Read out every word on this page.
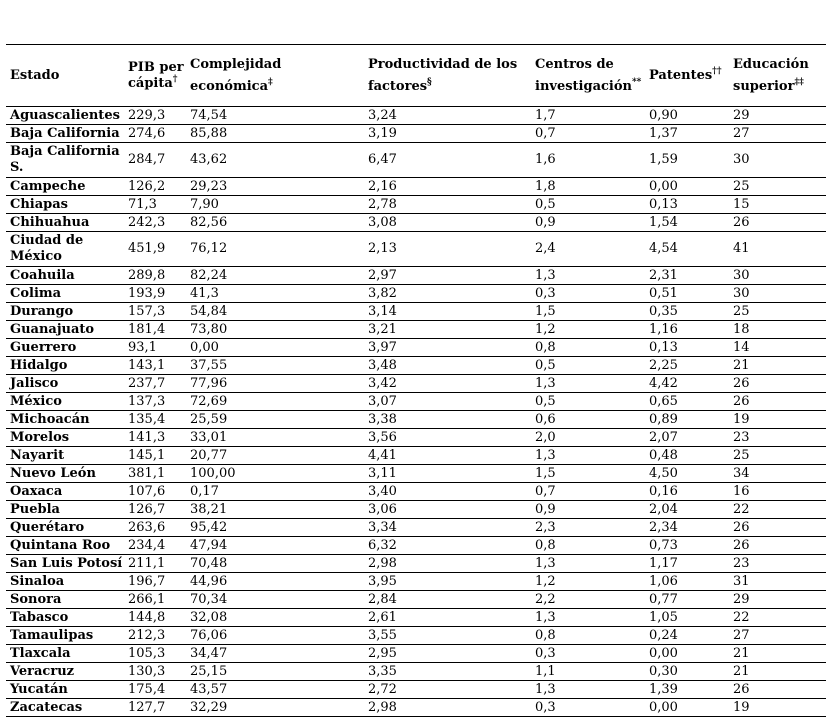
Estado	PIB per cápita†	Complejidad económica‡	Productividad de los factores§	Centros de investigación**	Patentes††	Educación superior‡‡
Aguascalientes	229,3	74,54	3,24	1,7	0,90	29
Baja California	274,6	85,88	3,19	0,7	1,37	27
Baja California S.	284,7	43,62	6,47	1,6	1,59	30
Campeche	126,2	29,23	2,16	1,8	0,00	25
Chiapas	71,3	7,90	2,78	0,5	0,13	15
Chihuahua	242,3	82,56	3,08	0,9	1,54	26
Ciudad de México	451,9	76,12	2,13	2,4	4,54	41
Coahuila	289,8	82,24	2,97	1,3	2,31	30
Colima	193,9	41,3	3,82	0,3	0,51	30
Durango	157,3	54,84	3,14	1,5	0,35	25
Guanajuato	181,4	73,80	3,21	1,2	1,16	18
Guerrero	93,1	0,00	3,97	0,8	0,13	14
Hidalgo	143,1	37,55	3,48	0,5	2,25	21
Jalisco	237,7	77,96	3,42	1,3	4,42	26
México	137,3	72,69	3,07	0,5	0,65	26
Michoacán	135,4	25,59	3,38	0,6	0,89	19
Morelos	141,3	33,01	3,56	2,0	2,07	23
Nayarit	145,1	20,77	4,41	1,3	0,48	25
Nuevo León	381,1	100,00	3,11	1,5	4,50	34
Oaxaca	107,6	0,17	3,40	0,7	0,16	16
Puebla	126,7	38,21	3,06	0,9	2,04	22
Querétaro	263,6	95,42	3,34	2,3	2,34	26
Quintana Roo	234,4	47,94	6,32	0,8	0,73	26
San Luis Potosí	211,1	70,48	2,98	1,3	1,17	23
Sinaloa	196,7	44,96	3,95	1,2	1,06	31
Sonora	266,1	70,34	2,84	2,2	0,77	29
Tabasco	144,8	32,08	2,61	1,3	1,05	22
Tamaulipas	212,3	76,06	3,55	0,8	0,24	27
Tlaxcala	105,3	34,47	2,95	0,3	0,00	21
Veracruz	130,3	25,15	3,35	1,1	0,30	21
Yucatán	175,4	43,57	2,72	1,3	1,39	26
Zacatecas	127,7	32,29	2,98	0,3	0,00	19
